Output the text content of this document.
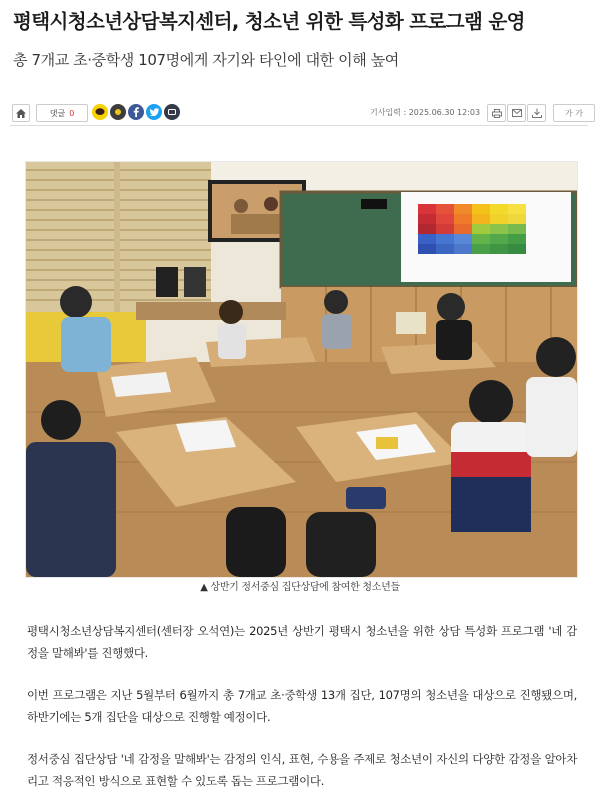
평택시청소년상담복지센터, 청소년 위한 특성화 프로그램 운영
총 7개교 초·중학생 107명에게 자기와 타인에 대한 이해 높여
댓글 0	기사입력 : 2025.06.30 12:03	가 가
▲ 상반기 정서중심 집단상담에 참여한 청소년들
평택시청소년상담복지센터(센터장 오석연)는 2025년 상반기 평택시 청소년을 위한 상담 특성화 프로그램 '네 감정을 말해봐'를 진행했다.
이번 프로그램은 지난 5월부터 6월까지 총 7개교 초·중학생 13개 집단, 107명의 청소년을 대상으로 진행됐으며, 하반기에는 5개 집단을 대상으로 진행할 예정이다.
정서중심 집단상담 '네 감정을 말해봐'는 감정의 인식, 표현, 수용을 주제로 청소년이 자신의 다양한 감정을 알아차리고 적응적인 방식으로 표현할 수 있도록 돕는 프로그램이다.
